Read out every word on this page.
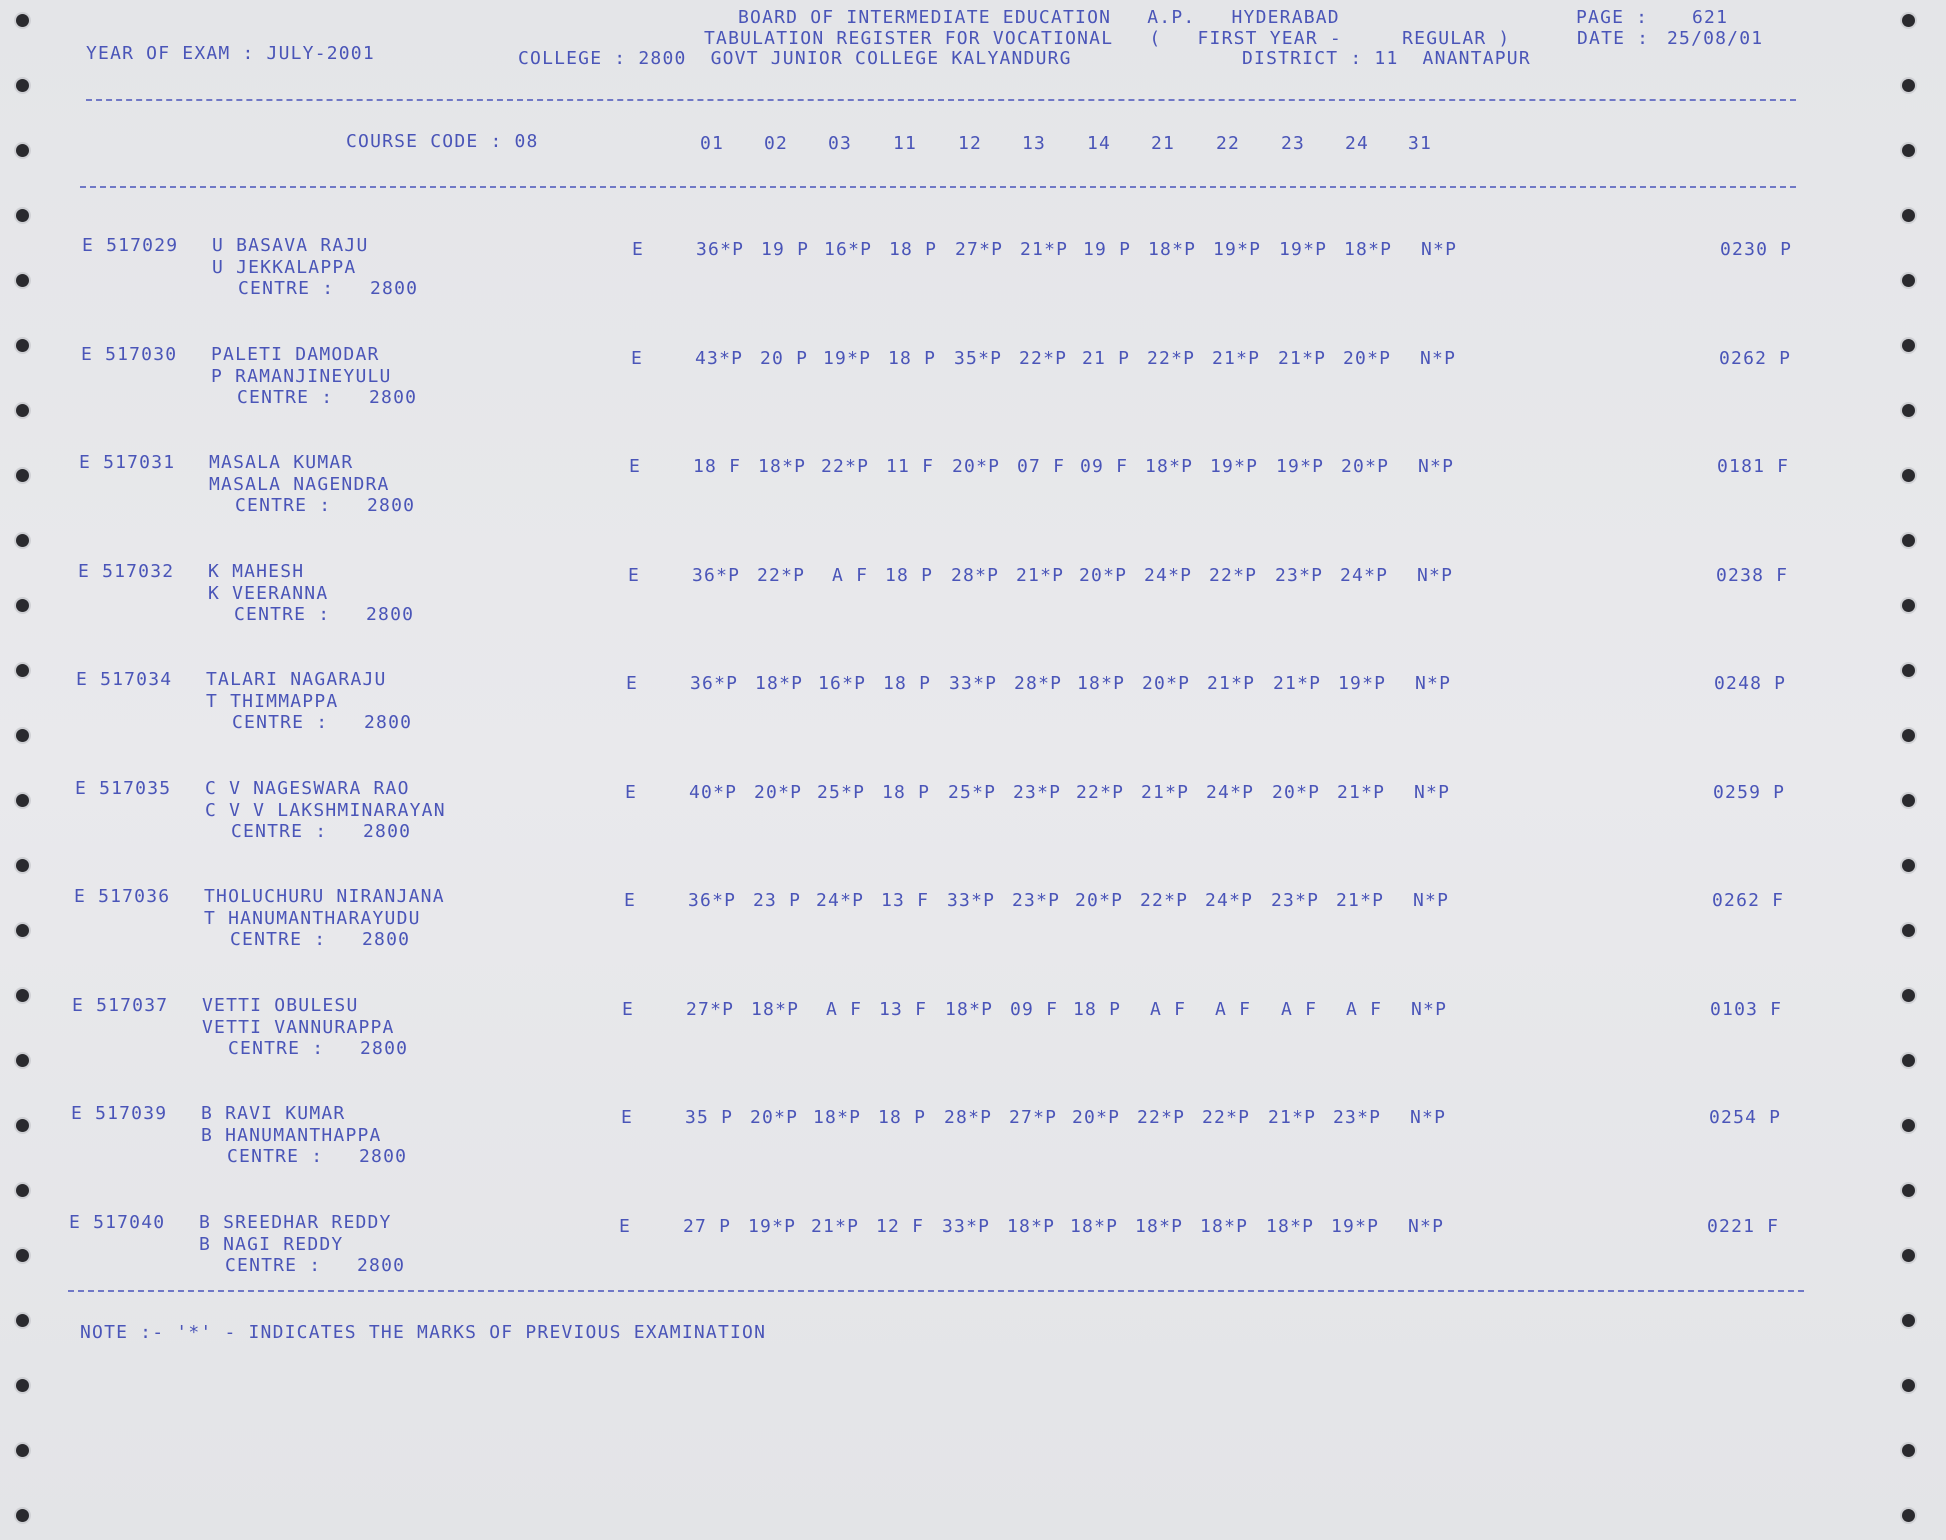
BOARD OF INTERMEDIATE EDUCATION   A.P.   HYDERABAD	PAGE : 621
TABULATION REGISTER FOR VOCATIONAL   (   FIRST YEAR -     REGULAR )	DATE : 25/08/01
YEAR OF EXAM : JULY-2001	COLLEGE : 2800  GOVT JUNIOR COLLEGE KALYANDURG	DISTRICT : 11  ANANTAPUR
COURSE CODE : 08	01 02 03 11 12 13 14 21 22 23 24 31
E 517029 U BASAVA RAJU
U JEKKALAPPA
CENTRE : 2800
E	36*P 19 P 16*P 18 P 27*P 21*P 19 P 18*P 19*P 19*P 18*P N*P	0230 P
E 517030 PALETI DAMODAR
P RAMANJINEYULU
CENTRE : 2800
E	43*P 20 P 19*P 18 P 35*P 22*P 21 P 22*P 21*P 21*P 20*P N*P	0262 P
E 517031 MASALA KUMAR
MASALA NAGENDRA
CENTRE : 2800
E	18 F 18*P 22*P 11 F 20*P 07 F 09 F 18*P 19*P 19*P 20*P N*P	0181 F
E 517032 K MAHESH
K VEERANNA
CENTRE : 2800
E	36*P 22*P A F 18 P 28*P 21*P 20*P 24*P 22*P 23*P 24*P N*P	0238 F
E 517034 TALARI NAGARAJU
T THIMMAPPA
CENTRE : 2800
E	36*P 18*P 16*P 18 P 33*P 28*P 18*P 20*P 21*P 21*P 19*P N*P	0248 P
E 517035 C V NAGESWARA RAO
C V V LAKSHMINARAYAN
CENTRE : 2800
E	40*P 20*P 25*P 18 P 25*P 23*P 22*P 21*P 24*P 20*P 21*P N*P	0259 P
E 517036 THOLUCHURU NIRANJANA
T HANUMANTHARAYUDU
CENTRE : 2800
E	36*P 23 P 24*P 13 F 33*P 23*P 20*P 22*P 24*P 23*P 21*P N*P	0262 F
E 517037 VETTI OBULESU
VETTI VANNURAPPA
CENTRE : 2800
E	27*P 18*P A F 13 F 18*P 09 F 18 P A F A F A F A F N*P	0103 F
E 517039 B RAVI KUMAR
B HANUMANTHAPPA
CENTRE : 2800
E	35 P 20*P 18*P 18 P 28*P 27*P 20*P 22*P 22*P 21*P 23*P N*P	0254 P
E 517040 B SREEDHAR REDDY
B NAGI REDDY
CENTRE : 2800
E	27 P 19*P 21*P 12 F 33*P 18*P 18*P 18*P 18*P 18*P 19*P N*P	0221 F
NOTE :- '*' - INDICATES THE MARKS OF PREVIOUS EXAMINATION
